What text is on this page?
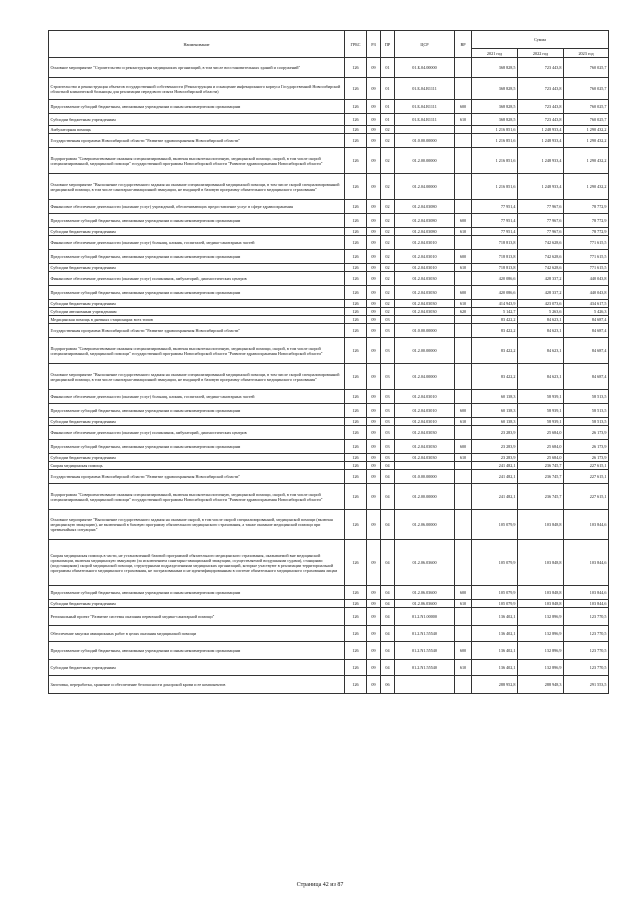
Наименование	ГРБС	РЗ	ПР	ЦСР	ВР	Сумма		
						2021 год	2022 год	2023 год
Основное мероприятие "Строительство и реконструкция медицинских организаций, в том числе восстановительных зданий и сооружений"	126	09	01	01.Б.04.00000		368 828,5	723 443,8	760 025,7
Строительство и реконструкция объектов государственной собственности (Реконструкция и оснащение инфекционного корпуса Государственной Новосибирской областной клинической больницы для реализации передового опыта Новосибирской области)	126	09	01	01.Б.04.R1111		368 828,5	723 443,8	760 025,7
Предоставление субсидий бюджетным, автономным учреждениям и иным некоммерческим организациям	126	09	01	01.Б.04.R1111	600	368 828,5	723 443,8	760 025,7
Субсидии бюджетным учреждениям	126	09	01	01.Б.04.R1111	610	368 828,5	723 443,8	760 025,7
Амбулаторная помощь	126	09	02			1 216 851,6	1 248 933,4	1 290 432,2
Государственная программа Новосибирской области "Развитие здравоохранения Новосибирской области"	126	09	02	01.0.00.00000		1 216 851,6	1 248 933,4	1 290 432,2
Подпрограмма "Совершенствование оказания специализированной, включая высокотехнологичную, медицинской помощи, скорой, в том числе скорой специализированной, медицинской помощи" государственной программы Новосибирской области "Развитие здравоохранения Новосибирской области"	126	09	02	01.2.00.00000		1 216 851,6	1 248 933,4	1 290 432,2
Основное мероприятие "Выполнение государственного задания на оказание специализированной медицинской помощи, в том числе скорой специализированной медицинской помощи, в том числе санитарно-авиационной эвакуации, не входящей в базовую программу обязательного медицинского страхования"	126	09	02	01.2.04.00000		1 216 851,6	1 248 933,4	1 290 432,2
Финансовое обеспечение деятельности (оказание услуг) учреждений, обеспечивающих предоставление услуг в сфере здравоохранения	126	09	02	01.2.04.03080		77 951,4	77 967,6	78 772,9
Предоставление субсидий бюджетным, автономным учреждениям и иным некоммерческим организациям	126	09	02	01.2.04.03080	600	77 951,4	77 967,6	78 772,9
Субсидии бюджетным учреждениям	126	09	02	01.2.04.03080	610	77 951,4	77 967,6	78 772,9
Финансовое обеспечение деятельности (оказание услуг) больниц, клиник, госпиталей, медико-санитарных частей	126	09	02	01.2.04.03010		718 813,8	742 628,6	771 615,5
Предоставление субсидий бюджетным, автономным учреждениям и иным некоммерческим организациям	126	09	02	01.2.04.03010	600	718 813,8	742 628,6	771 615,5
Субсидии бюджетным учреждениям	126	09	02	01.2.04.03010	610	718 813,8	742 628,6	771 615,5
Финансовое обеспечение деятельности (оказание услуг) поликлиник, амбулаторий, диагностических центров	126	09	02	01.2.04.03030		420 086,6	428 337,2	440 043,8
Предоставление субсидий бюджетным, автономным учреждениям и иным некоммерческим организациям	126	09	02	01.2.04.03030	600	420 086,6	428 337,2	440 043,8
Субсидии бюджетным учреждениям	126	09	02	01.2.04.03030	610	414 943,9	423 073,6	434 617,5
Субсидии автономным учреждениям	126	09	02	01.2.04.03030	620	5 142,7	5 263,6	5 426,3
Медицинская помощь в дневных стационарах всех типов	126	09	03			83 422,2	84 623,1	84 687,4
Государственная программа Новосибирской области "Развитие здравоохранения Новосибирской области"	126	09	03	01.0.00.00000		83 422,2	84 623,1	84 687,4
Подпрограмма "Совершенствование оказания специализированной, включая высокотехнологичную, медицинской помощи, скорой, в том числе скорой специализированной, медицинской помощи" государственной программы Новосибирской области "Развитие здравоохранения Новосибирской области"	126	09	03	01.2.00.00000		83 422,2	84 623,1	84 687,4
Основное мероприятие "Выполнение государственного задания на оказание специализированной медицинской помощи, в том числе скорой специализированной медицинской помощи, в том числе санитарно-авиационной эвакуации, не входящей в базовую программу обязательного медицинского страхования"	126	09	03	01.2.04.00000		83 422,2	84 623,1	84 687,4
Финансовое обеспечение деятельности (оказание услуг) больниц, клиник, госпиталей, медико-санитарных частей	126	09	03	01.2.04.03010		60 138,3	58 939,1	58 513,5
Предоставление субсидий бюджетным, автономным учреждениям и иным некоммерческим организациям	126	09	03	01.2.04.03010	600	60 138,3	58 939,1	58 513,5
Субсидии бюджетным учреждениям	126	09	03	01.2.04.03010	610	60 138,3	58 939,1	58 513,5
Финансовое обеспечение деятельности (оказание услуг) поликлиник, амбулаторий, диагностических центров	126	09	03	01.2.04.03030		23 283,9	25 684,0	26 173,9
Предоставление субсидий бюджетным, автономным учреждениям и иным некоммерческим организациям	126	09	03	01.2.04.03030	600	23 283,9	25 684,0	26 173,9
Субсидии бюджетным учреждениям	126	09	03	01.2.04.03030	610	23 283,9	25 684,0	26 173,9
Скорая медицинская помощь	126	09	04			241 482,1	236 745,7	227 615,1
Государственная программа Новосибирской области "Развитие здравоохранения Новосибирской области"	126	09	04	01.0.00.00000		241 482,1	236 745,7	227 615,1
Подпрограмма "Совершенствование оказания специализированной, включая высокотехнологичную, медицинской помощи, скорой, в том числе скорой специализированной, медицинской помощи" государственной программы Новосибирской области "Развитие здравоохранения Новосибирской области"	126	09	04	01.2.00.00000		241 482,1	236 745,7	227 615,1
Основное мероприятие "Выполнение государственного задания на оказание скорой, в том числе скорой специализированной, медицинской помощи (включая медицинскую эвакуацию), не включенной в базовую программу обязательного медицинского страхования, а также оказание медицинской помощи при чрезвычайных ситуациях"	126	09	04	01.2.06.00000		105 079,9	103 848,8	103 844,6
Скорая медицинская помощь в части, не установленной базовой программой обязательного медицинского страхования, оказываемой вне медицинской организации, включая медицинскую эвакуацию (за исключением санитарно-авиационной эвакуации, осуществляемой воздушными судами), станциями (подстанциями) скорой медицинской помощи, структурными подразделениями медицинских организаций, которые участвуют в реализации территориальной программы обязательного медицинского страхования, не застрахованным и не идентифицированным в системе обязательного медицинского страхования лицам	126	09	04	01.2.06.03600		105 079,9	103 848,8	103 844,6
Предоставление субсидий бюджетным, автономным учреждениям и иным некоммерческим организациям	126	09	04	01.2.06.03600	600	105 079,9	103 848,8	103 844,6
Субсидии бюджетным учреждениям	126	09	04	01.2.06.03600	610	105 079,9	103 848,8	103 844,6
Региональный проект "Развитие системы оказания первичной медико-санитарной помощи"	126	09	04	01.2.N1.00000		136 402,1	132 896,9	123 770,5
Обеспечение закупки авиационных работ в целях оказания медицинской помощи	126	09	04	01.2.N1.55540		136 402,1	132 896,9	123 770,5
Предоставление субсидий бюджетным, автономным учреждениям и иным некоммерческим организациям	126	09	04	01.2.N1.55540	600	136 402,1	132 896,9	123 770,5
Субсидии бюджетным учреждениям	126	09	04	01.2.N1.55540	610	136 402,1	132 896,9	123 770,5
Заготовка, переработка, хранение и обеспечение безопасности донорской крови и ее компонентов	126	09	06			288 952,8	288 948,3	291 553,5
Страница 42 из 87
